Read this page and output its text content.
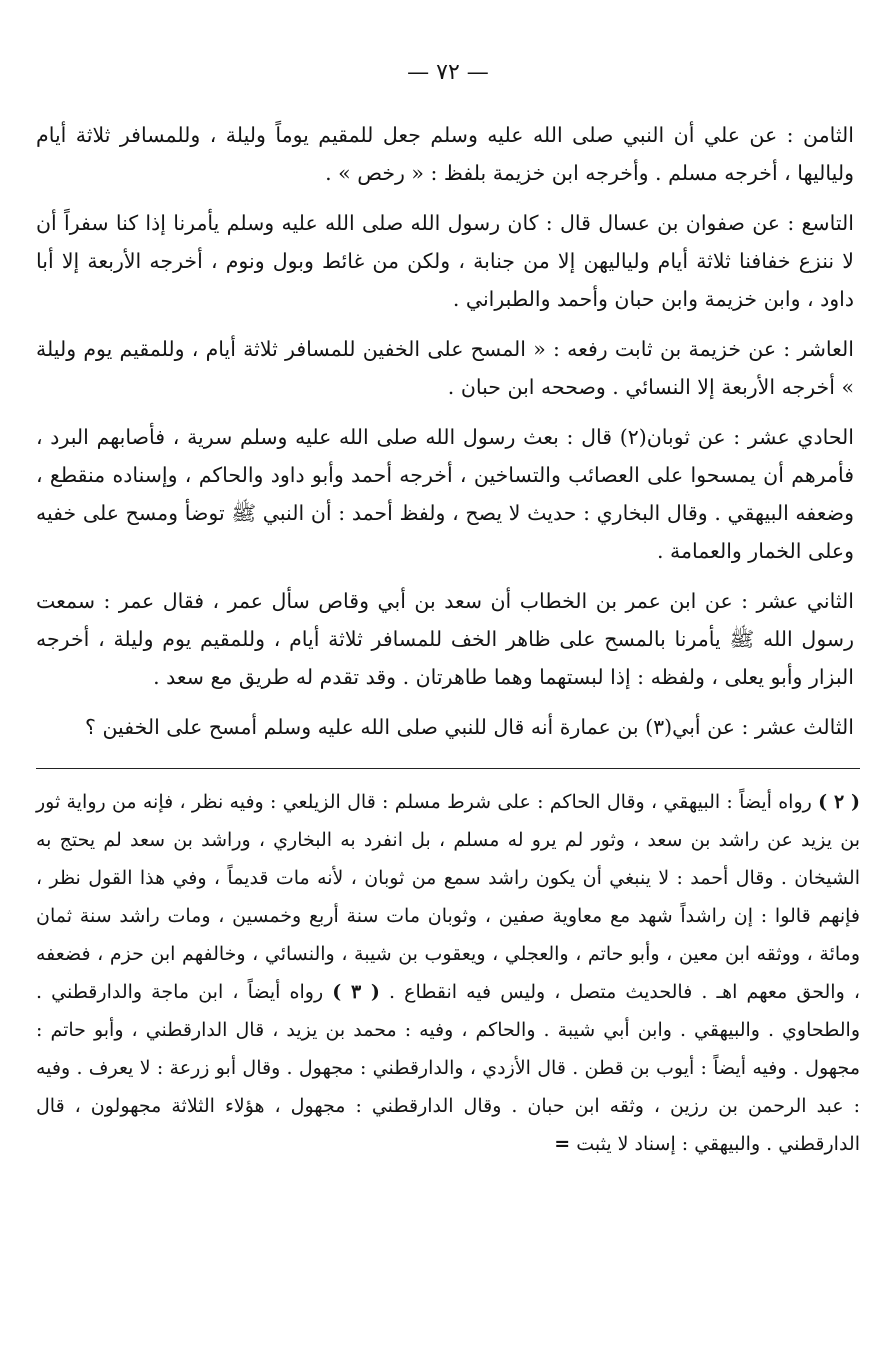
— ٧٢ —

الثامن : عن علي أن النبي صلى الله عليه وسلم جعل للمقيم يوماً وليلة ، وللمسافر ثلاثة أيام ولياليها ، أخرجه مسلم . وأخرجه ابن خزيمة بلفظ : « رخص » .

التاسع : عن صفوان بن عسال قال : كان رسول الله صلى الله عليه وسلم يأمرنا إذا كنا سفراً أن لا ننزع خفافنا ثلاثة أيام ولياليهن إلا من جنابة ، ولكن من غائط وبول ونوم ، أخرجه الأربعة إلا أبا داود ، وابن خزيمة وابن حبان وأحمد والطبراني .

العاشر : عن خزيمة بن ثابت رفعه : « المسح على الخفين للمسافر ثلاثة أيام ، وللمقيم يوم وليلة » أخرجه الأربعة إلا النسائي . وصححه ابن حبان .

الحادي عشر : عن ثوبان(٢) قال : بعث رسول الله صلى الله عليه وسلم سرية ، فأصابهم البرد ، فأمرهم أن يمسحوا على العصائب والتساخين ، أخرجه أحمد وأبو داود والحاكم ، وإسناده منقطع ، وضعفه البيهقي . وقال البخاري : حديث لا يصح ، ولفظ أحمد : أن النبي ﷺ توضأ ومسح على خفيه وعلى الخمار والعمامة .

الثاني عشر : عن ابن عمر بن الخطاب أن سعد بن أبي وقاص سأل عمر ، فقال عمر : سمعت رسول الله ﷺ يأمرنا بالمسح على ظاهر الخف للمسافر ثلاثة أيام ، وللمقيم يوم وليلة ، أخرجه البزار وأبو يعلى ، ولفظه : إذا لبستهما وهما طاهرتان . وقد تقدم له طريق مع سعد .

الثالث عشر : عن أبي(٣) بن عمارة أنه قال للنبي صلى الله عليه وسلم أمسح على الخفين ؟

( ٢ ) رواه أيضاً : البيهقي ، وقال الحاكم : على شرط مسلم : قال الزيلعي : وفيه نظر ، فإنه من رواية ثور بن يزيد عن راشد بن سعد ، وثور لم يرو له مسلم ، بل انفرد به البخاري ، وراشد بن سعد لم يحتج به الشيخان . وقال أحمد : لا ينبغي أن يكون راشد سمع من ثوبان ، لأنه مات قديماً ، وفي هذا القول نظر ، فإنهم قالوا : إن راشداً شهد مع معاوية صفين ، وثوبان مات سنة أربع وخمسين ، ومات راشد سنة ثمان ومائة ، ووثقه ابن معين ، وأبو حاتم ، والعجلي ، ويعقوب بن شيبة ، والنسائي ، وخالفهم ابن حزم ، فضعفه ، والحق معهم اهـ . فالحديث متصل ، وليس فيه انقطاع . ( ٣ ) رواه أيضاً ، ابن ماجة والدارقطني . والطحاوي . والبيهقي . وابن أبي شيبة . والحاكم ، وفيه : محمد بن يزيد ، قال الدارقطني ، وأبو حاتم : مجهول . وفيه أيضاً : أيوب بن قطن . قال الأزدي ، والدارقطني : مجهول . وقال أبو زرعة : لا يعرف . وفيه : عبد الرحمن بن رزين ، وثقه ابن حبان . وقال الدارقطني : مجهول ، هؤلاء الثلاثة مجهولون ، قال الدارقطني . والبيهقي : إسناد لا يثبت =
